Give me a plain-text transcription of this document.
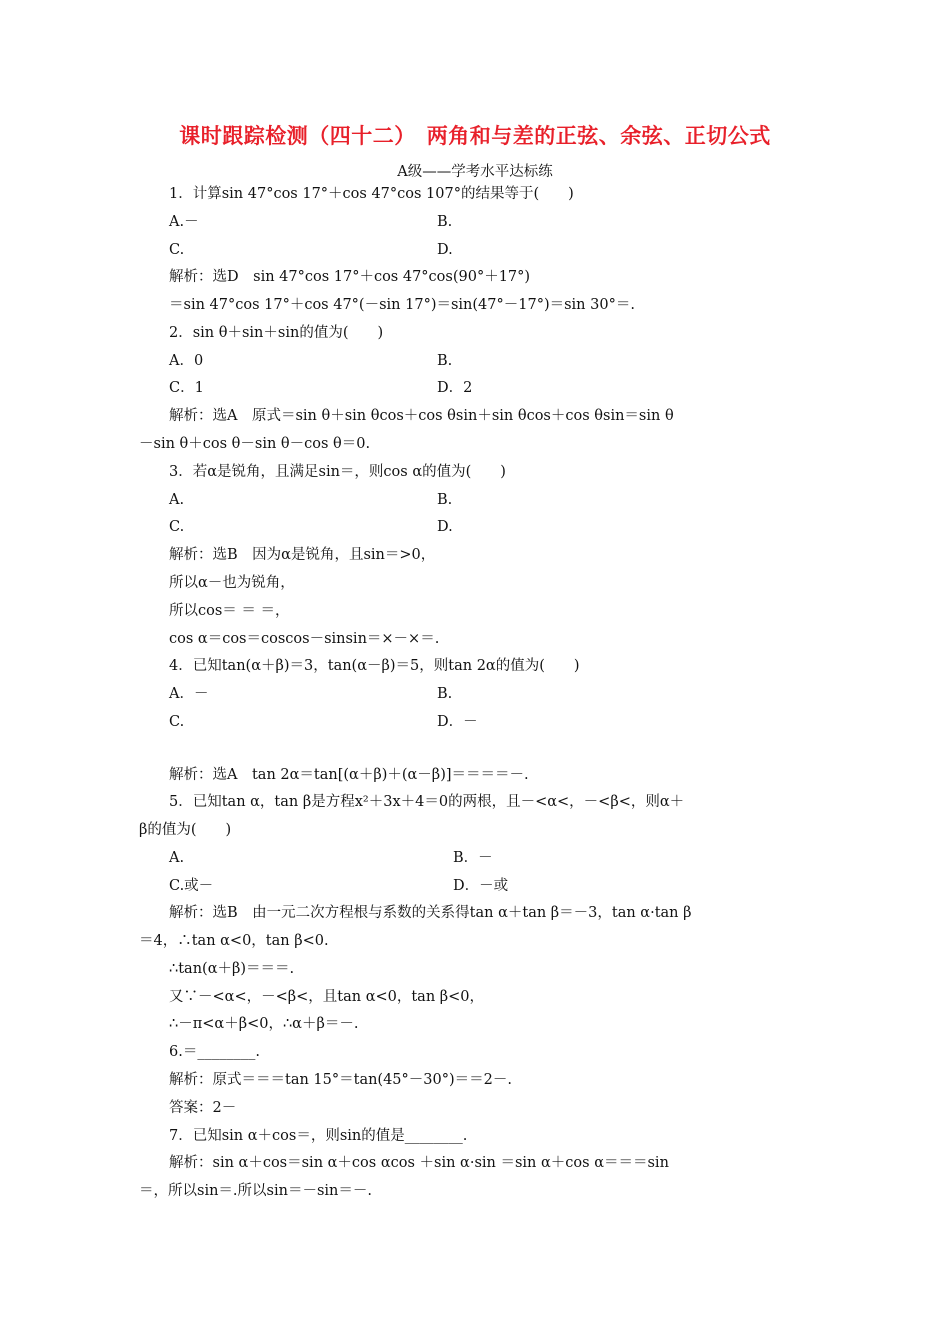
课时跟踪检测（四十二）　两角和与差的正弦、余弦、正切公式
A级——学考水平达标练
1．计算sin 47°cos 17°＋cos 47°cos 107°的结果等于(　　)
A.－	B.
C.	D.
解析：选D　sin 47°cos 17°＋cos 47°cos(90°＋17°)
＝sin 47°cos 17°＋cos 47°(－sin 17°)＝sin(47°－17°)＝sin 30°＝.
2．sin θ＋sin＋sin的值为(　　)
A．0	B.
C．1	D．2
解析：选A　原式＝sin θ＋sin θcos＋cos θsin＋sin θcos＋cos θsin＝sin θ
－sin θ＋cos θ－sin θ－cos θ＝0.
3．若α是锐角，且满足sin＝，则cos α的值为(　　)
A.	B.
C.	D.
解析：选B　因为α是锐角，且sin＝>0，
所以α－也为锐角，
所以cos＝ ＝ ＝，
cos α＝cos＝coscos－sinsin＝×－×＝.
4．已知tan(α＋β)＝3，tan(α－β)＝5，则tan 2α的值为(　　)
A．－	B.
C.	D．－
解析：选A　tan 2α＝tan[(α＋β)＋(α－β)]＝＝＝＝－.
5．已知tan α，tan β是方程x²＋3x＋4＝0的两根，且－<α<，－<β<，则α＋
β的值为(　　)
A.	B．－
C.或－	D．－或
解析：选B　由一元二次方程根与系数的关系得tan α＋tan β＝－3，tan α·tan β
＝4，∴tan α<0，tan β<0.
∴tan(α＋β)＝＝＝.
又∵－<α<，－<β<，且tan α<0，tan β<0，
∴－π<α＋β<0，∴α＋β＝－.
6.＝________.
解析：原式＝＝＝tan 15°＝tan(45°－30°)＝＝2－.
答案：2－
7．已知sin α＋cos＝，则sin的值是________.
解析：sin α＋cos＝sin α＋cos αcos ＋sin α·sin ＝sin α＋cos α＝＝＝sin
＝，所以sin＝.所以sin＝－sin＝－.
